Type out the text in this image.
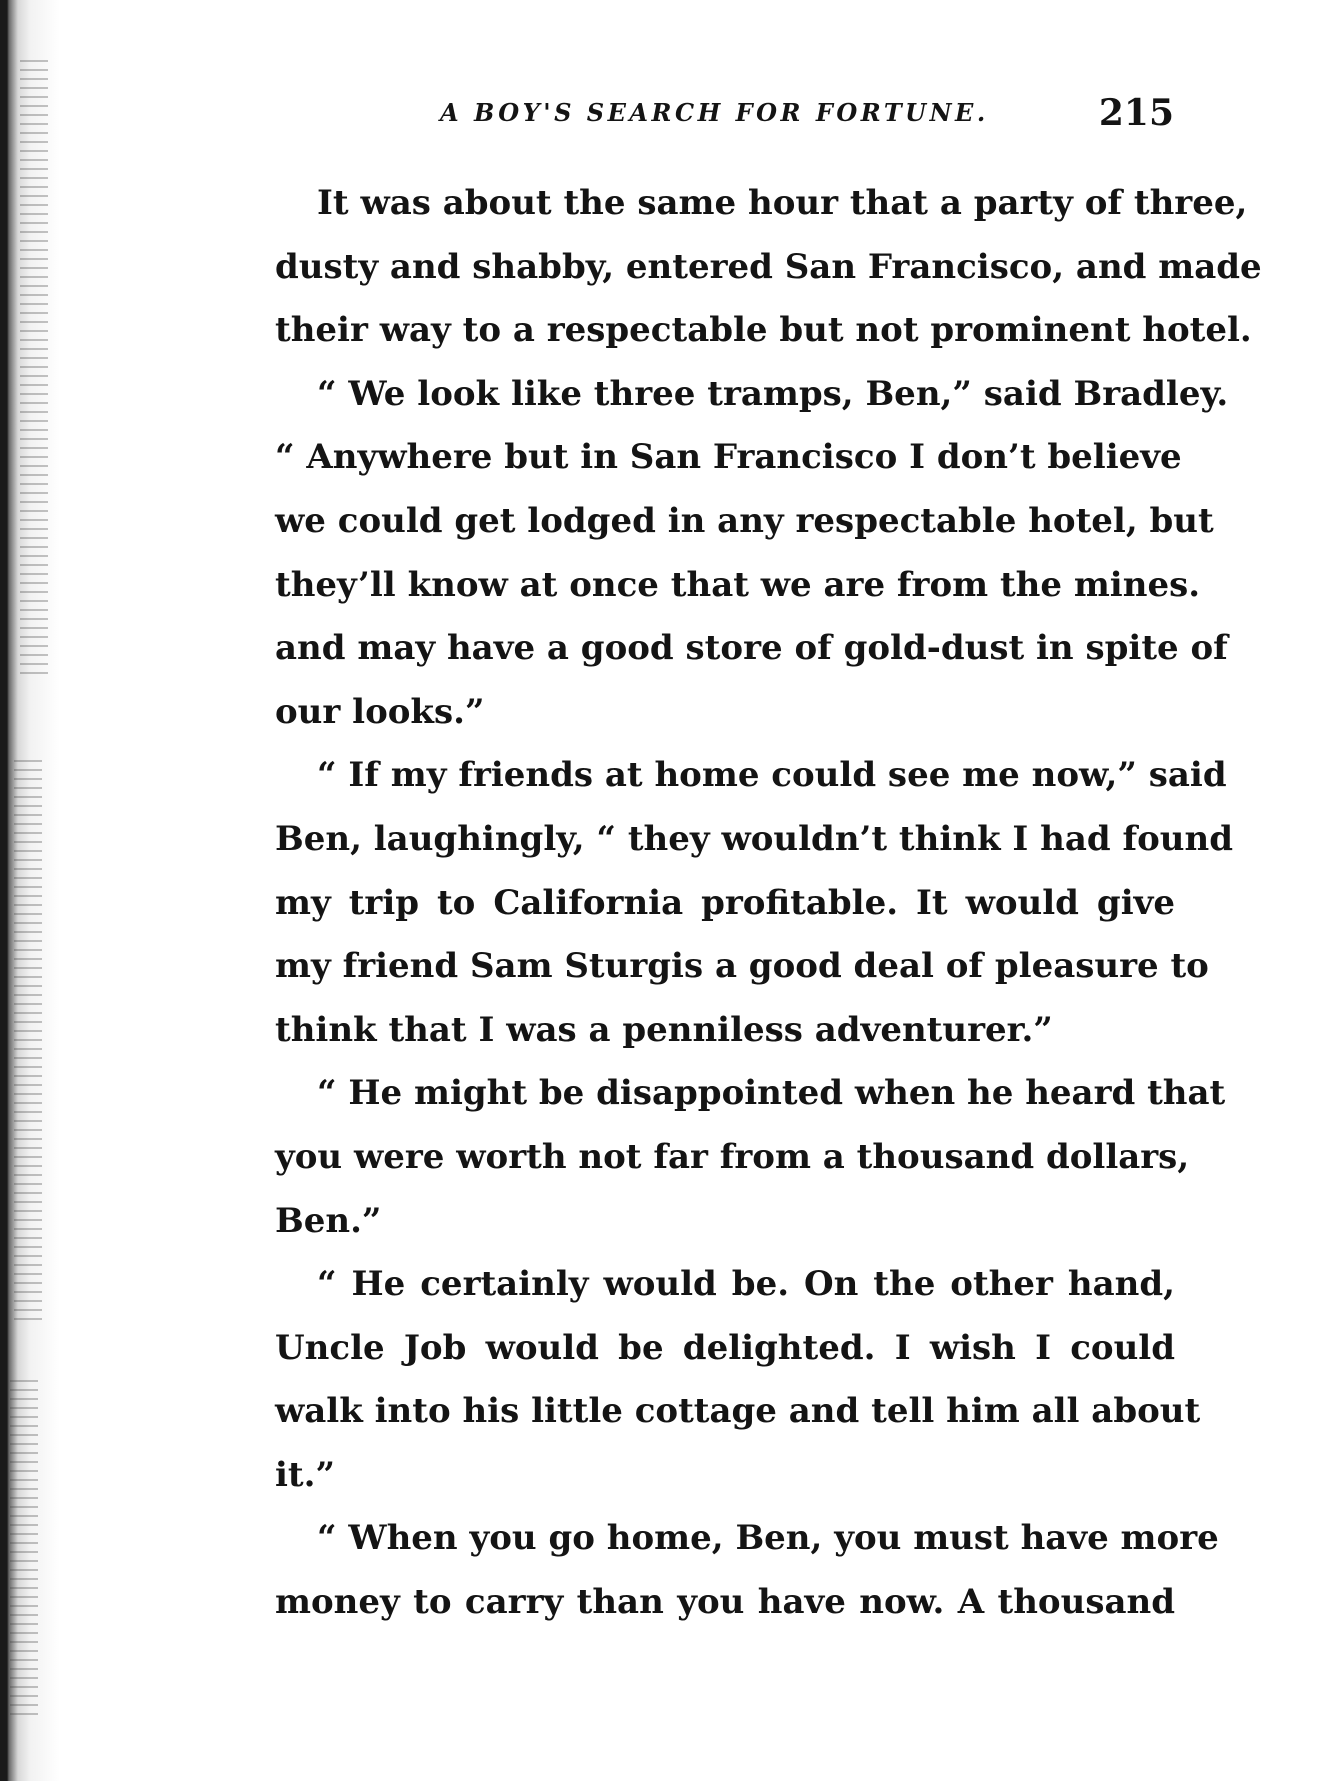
A BOY'S SEARCH FOR FORTUNE.	215
It was about the same hour that a party of three,
dusty and shabby, entered San Francisco, and made
their way to a respectable but not prominent hotel.
“ We look like three tramps, Ben,” said Bradley.
“ Anywhere but in San Francisco I don’t believe
we could get lodged in any respectable hotel, but
they’ll know at once that we are from the mines.
and may have a good store of gold-dust in spite of
our looks.”
“ If my friends at home could see me now,” said
Ben, laughingly, “ they wouldn’t think I had found
my trip to California profitable. It would give
my friend Sam Sturgis a good deal of pleasure to
think that I was a penniless adventurer.”
“ He might be disappointed when he heard that
you were worth not far from a thousand dollars,
Ben.”
“ He certainly would be. On the other hand,
Uncle Job would be delighted. I wish I could
walk into his little cottage and tell him all about
it.”
“ When you go home, Ben, you must have more
money to carry than you have now. A thousand
